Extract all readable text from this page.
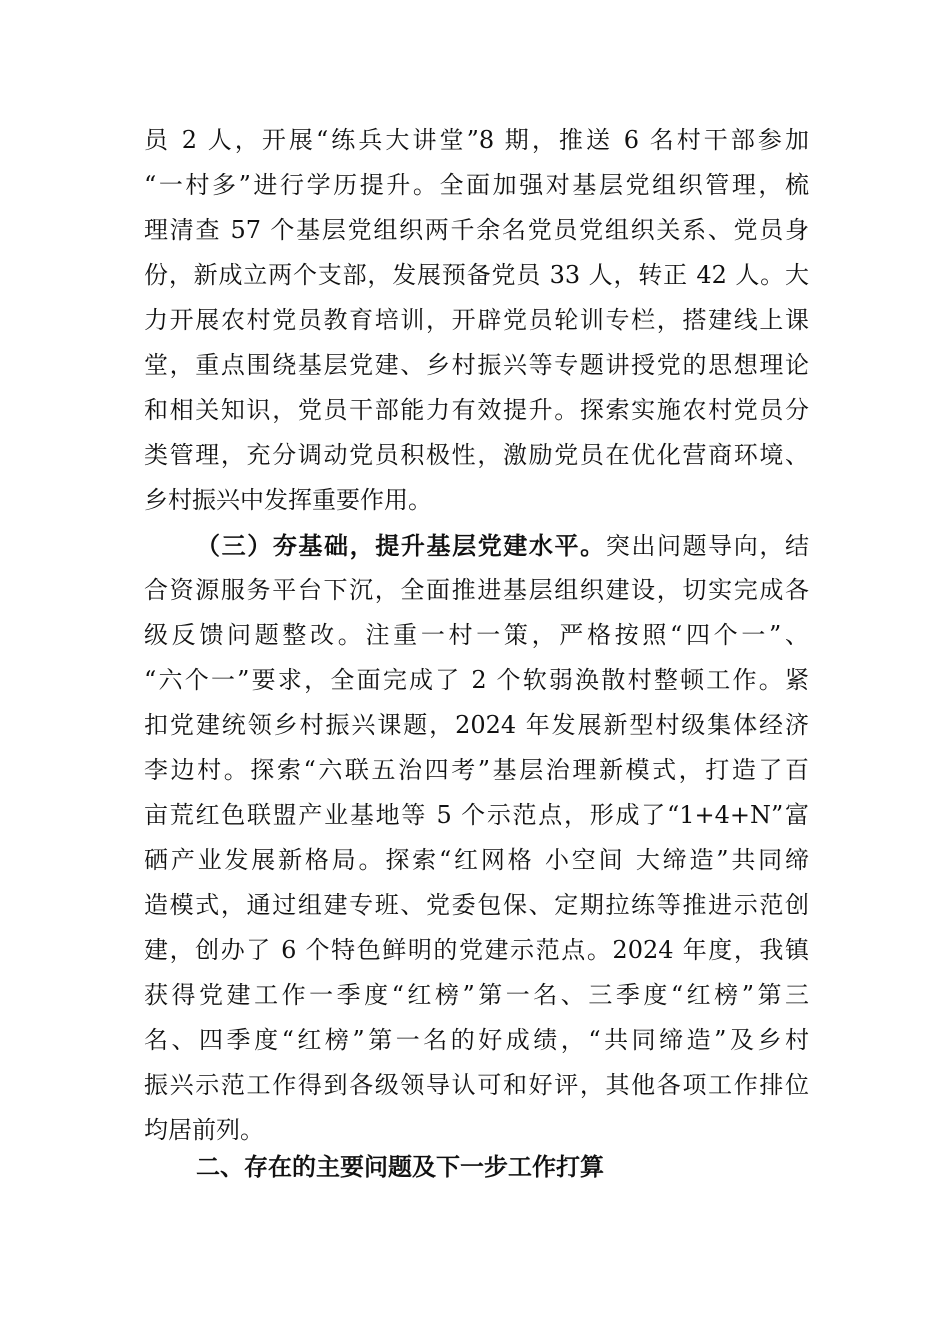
员 2 人，开展“练兵大讲堂”8 期，推送 6 名村干部参加
“一村多”进行学历提升。全面加强对基层党组织管理，梳
理清查 57 个基层党组织两千余名党员党组织关系、党员身
份，新成立两个支部，发展预备党员 33 人，转正 42 人。大
力开展农村党员教育培训，开辟党员轮训专栏，搭建线上课
堂，重点围绕基层党建、乡村振兴等专题讲授党的思想理论
和相关知识，党员干部能力有效提升。探索实施农村党员分
类管理，充分调动党员积极性，激励党员在优化营商环境、
乡村振兴中发挥重要作用。
（三）夯基础，提升基层党建水平。突出问题导向，结
合资源服务平台下沉，全面推进基层组织建设，切实完成各
级反馈问题整改。注重一村一策，严格按照“四个一”、
“六个一”要求，全面完成了 2 个软弱涣散村整顿工作。紧
扣党建统领乡村振兴课题，2024 年发展新型村级集体经济
李边村。探索“六联五治四考”基层治理新模式，打造了百
亩荒红色联盟产业基地等 5 个示范点，形成了“1+4+N”富
硒产业发展新格局。探索“红网格 小空间 大缔造”共同缔
造模式，通过组建专班、党委包保、定期拉练等推进示范创
建，创办了 6 个特色鲜明的党建示范点。2024 年度，我镇
获得党建工作一季度“红榜”第一名、三季度“红榜”第三
名、四季度“红榜”第一名的好成绩，“共同缔造”及乡村
振兴示范工作得到各级领导认可和好评，其他各项工作排位
均居前列。
二、存在的主要问题及下一步工作打算
